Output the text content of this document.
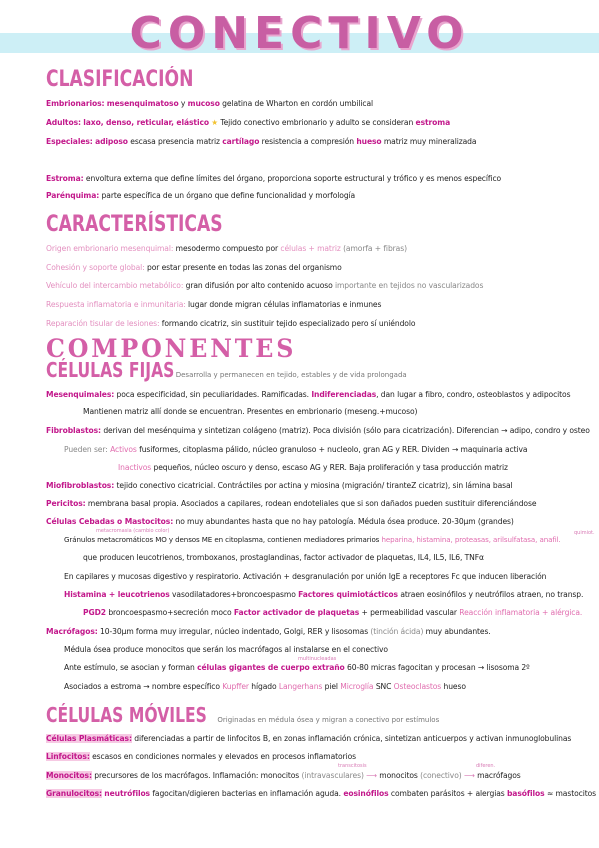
CONECTIVO
CLASIFICACIÓN
Embrionarios: mesenquimatoso y mucoso gelatina de Wharton en cordón umbilical
Adultos: laxo, denso, reticular, elástico ★ Tejido conectivo embrionario y adulto se consideran estroma
Especiales: adiposo escasa presencia matriz cartílago resistencia a compresión hueso matriz muy mineralizada
Estroma: envoltura externa que define límites del órgano, proporciona soporte estructural y trófico y es menos específico
Parénquima: parte específica de un órgano que define funcionalidad y morfología
CARACTERÍSTICAS
Origen embrionario mesenquimal: mesodermo compuesto por células + matriz (amorfa + fibras)
Cohesión y soporte global: por estar presente en todas las zonas del organismo
Vehículo del intercambio metabólico: gran difusión por alto contenido acuoso importante en tejidos no vascularizados
Respuesta inflamatoria e inmunitaria: lugar donde migran células inflamatorias e inmunes
Reparación tisular de lesiones: formando cicatriz, sin sustituir tejido especializado pero sí uniéndolo
COMPONENTES
CÉLULAS FIJAS Desarrolla y permanecen en tejido, estables y de vida prolongada
Mesenquimales: poca especificidad, sin peculiaridades. Ramificadas. Indiferenciadas, dan lugar a fibro, condro, osteoblastos y adipocitos
Mantienen matriz allí donde se encuentran. Presentes en embrionario (meseng.+mucoso)
Fibroblastos: derivan del mesénquima y sintetizan colágeno (matriz). Poca división (sólo para cicatrización). Diferencian → adipo, condro y osteo
Pueden ser: Activos fusiformes, citoplasma pálido, núcleo granuloso + nucleolo, gran AG y RER. Dividen → maquinaria activa
Inactivos pequeños, núcleo oscuro y denso, escaso AG y RER. Baja proliferación y tasa producción matriz
Miofibroblastos: tejido conectivo cicatricial. Contráctiles por actina y miosina (migración/ tiranteZ cicatriz), sin lámina basal
Pericitos: membrana basal propia. Asociados a capilares, rodean endoteliales que si son dañados pueden sustituir diferenciándose
Células Cebadas o Mastocitos: no muy abundantes hasta que no hay patología. Médula ósea produce. 20-30µm (grandes)
metacromasia (cambio color)	quimiot.
Gránulos metacromáticos MO y densos ME en citoplasma, contienen mediadores primarios heparina, histamina, proteasas, arilsulfatasa, anafil.
que producen leucotrienos, tromboxanos, prostaglandinas, factor activador de plaquetas, IL4, IL5, IL6, TNFα
En capilares y mucosas digestivo y respiratorio. Activación + desgranulación por unión IgE a receptores Fc que inducen liberación
Histamina + leucotrienos vasodilatadores+broncoespasmo Factores quimiotácticos atraen eosinófilos y neutrófilos atraen, no transp.
PGD2 broncoespasmo+secreción moco Factor activador de plaquetas + permeabilidad vascular Reacción inflamatoria + alérgica.
Macrófagos: 10-30µm forma muy irregular, núcleo indentado, Golgi, RER y lisosomas (tinción ácida) muy abundantes.
Médula ósea produce monocitos que serán los macrófagos al instalarse en el conectivo
multinucleadas
Ante estímulo, se asocian y forman células gigantes de cuerpo extraño 60-80 micras fagocitan y procesan → lisosoma 2º
Asociados a estroma → nombre específico Kupffer hígado Langerhans piel Microglía SNC Osteoclastos hueso
CÉLULAS MÓVILES Originadas en médula ósea y migran a conectivo por estímulos
Células Plasmáticas: diferenciadas a partir de linfocitos B, en zonas inflamación crónica, sintetizan anticuerpos y activan inmunoglobulinas
Linfocitos: escasos en condiciones normales y elevados en procesos inflamatorios
transcitosis	diferen.
Monocitos: precursores de los macrófagos. Inflamación: monocitos (intravasculares) ⟶ monocitos (conectivo) ⟶ macrófagos
Granulocitos: neutrófilos fagocitan/digieren bacterias en inflamación aguda. eosinófilos combaten parásitos + alergias basófilos ≈ mastocitos
